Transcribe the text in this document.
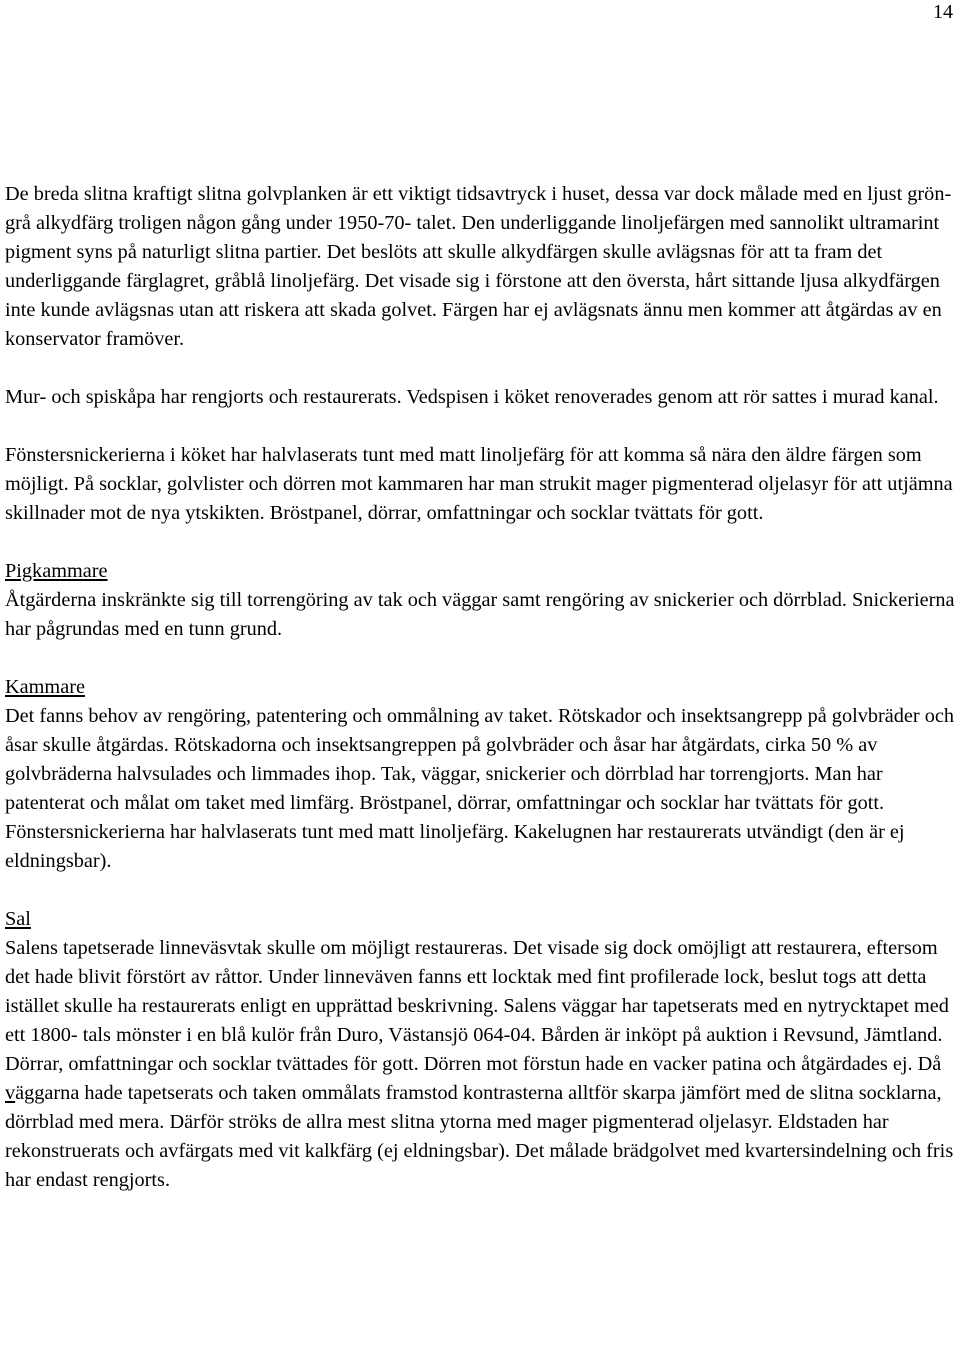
14

De breda slitna kraftigt slitna golvplanken är ett viktigt tidsavtryck i huset, dessa var dock målade med en ljust grön-grå alkydfärg troligen någon gång under 1950-70- talet. Den underliggande linoljefärgen med sannolikt ultramarint pigment syns på naturligt slitna partier. Det beslöts att skulle alkydfärgen skulle avlägsnas för att ta fram det underliggande färglagret, gråblå linoljefärg. Det visade sig i förstone att den översta, hårt sittande ljusa alkydfärgen inte kunde avlägsnas utan att riskera att skada golvet. Färgen har ej avlägsnats ännu men kommer att åtgärdas av en konservator framöver.

Mur- och spiskåpa har rengjorts och restaurerats. Vedspisen i köket renoverades genom att rör sattes i murad kanal.

Fönstersnickerierna i köket har halvlaserats tunt med matt linoljefärg för att komma så nära den äldre färgen som möjligt. På socklar, golvlister och dörren mot kammaren har man strukit mager pigmenterad oljelasyr för att utjämna skillnader mot de nya ytskikten. Bröstpanel, dörrar, omfattningar och socklar tvättats för gott.

Pigkammare

Åtgärderna inskränkte sig till torrengöring av tak och väggar samt rengöring av snickerier och dörrblad. Snickerierna har pågrundas med en tunn grund.

Kammare

Det fanns behov av rengöring, patentering och ommålning av taket. Rötskador och insektsangrepp på golvbräder och åsar skulle åtgärdas. Rötskadorna och insektsangreppen på golvbräder och åsar har åtgärdats, cirka 50 % av golvbräderna halvsulades och limmades ihop. Tak, väggar, snickerier och dörrblad har torrengjorts. Man har patenterat och målat om taket med limfärg. Bröstpanel, dörrar, omfattningar och socklar har tvättats för gott. Fönstersnickerierna har halvlaserats tunt med matt linoljefärg. Kakelugnen har restaurerats utvändigt (den är ej eldningsbar).

Sal

Salens tapetserade linneväsvtak skulle om möjligt restaureras. Det visade sig dock omöjligt att restaurera, eftersom det hade blivit förstört av råttor. Under linneväven fanns ett locktak med fint profilerade lock, beslut togs att detta istället skulle ha restaurerats enligt en upprättad beskrivning. Salens väggar har tapetserats med en nytrycktapet med ett 1800- tals mönster i en blå kulör från Duro, Västansjö 064-04. Bården är inköpt på auktion i Revsund, Jämtland. Dörrar, omfattningar och socklar tvättades för gott. Dörren mot förstun hade en vacker patina och åtgärdades ej. Då väggarna hade tapetserats och taken ommålats framstod kontrasterna alltför skarpa jämfört med de slitna socklarna, dörrblad med mera. Därför ströks de allra mest slitna ytorna med mager pigmenterad oljelasyr. Eldstaden har rekonstruerats och avfärgats med vit kalkfärg (ej eldningsbar). Det målade brädgolvet med kvartersindelning och fris har endast rengjorts.
